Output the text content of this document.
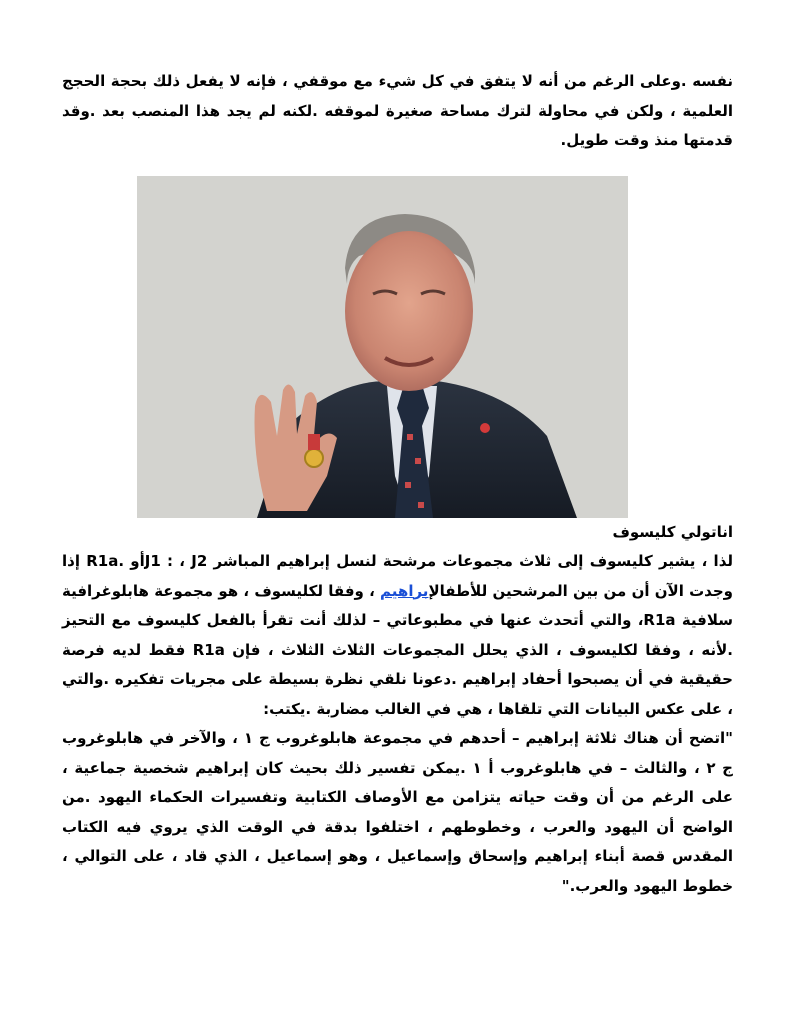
نفسه .وعلى الرغم من أنه لا يتفق في كل شيء مع موقفي ، فإنه لا يفعل ذلك بحجة الحجج العلمية ، ولكن في محاولة لترك مساحة صغيرة لموقفه .لكنه لم يجد هذا المنصب بعد .وقد قدمتها منذ وقت طويل.

اناتولي كليسوف

لذا ، يشير كليسوف إلى ثلاث مجموعات مرشحة لنسل إبراهيم المباشر J1 : ، J2أو .R1a إذا وجدت الآن أن من بين المرشحين للأطفالإبراهيم ، وفقا لكليسوف ، هو مجموعة هابلوغرافية سلافية R1a، والتي أتحدث عنها في مطبوعاتي – لذلك أنت تقرأ بالفعل كليسوف مع التحيز .لأنه ، وفقا لكليسوف ، الذي يحلل المجموعات الثلاث الثلاث ، فإن R1a فقط لديه فرصة حقيقية في أن يصبحوا أحفاد إبراهيم .دعونا نلقي نظرة بسيطة على مجريات تفكيره .والتي ، على عكس البيانات التي تلقاها ، هي في الغالب مضاربة .يكتب:
"اتضح أن هناك ثلاثة إبراهيم – أحدهم في مجموعة هابلوغروب ج ١ ، والآخر في هابلوغروب ج ٢ ، والثالث – في هابلوغروب أ ١ .يمكن تفسير ذلك بحيث كان إبراهيم شخصية جماعية ، على الرغم من أن وقت حياته يتزامن مع الأوصاف الكتابية وتفسيرات الحكماء اليهود .من الواضح أن اليهود والعرب ، وخطوطهم ، اختلفوا بدقة في الوقت الذي يروي فيه الكتاب المقدس قصة أبناء إبراهيم وإسحاق وإسماعيل ، وهو إسماعيل ، الذي قاد ، على التوالي ، خطوط اليهود والعرب."
